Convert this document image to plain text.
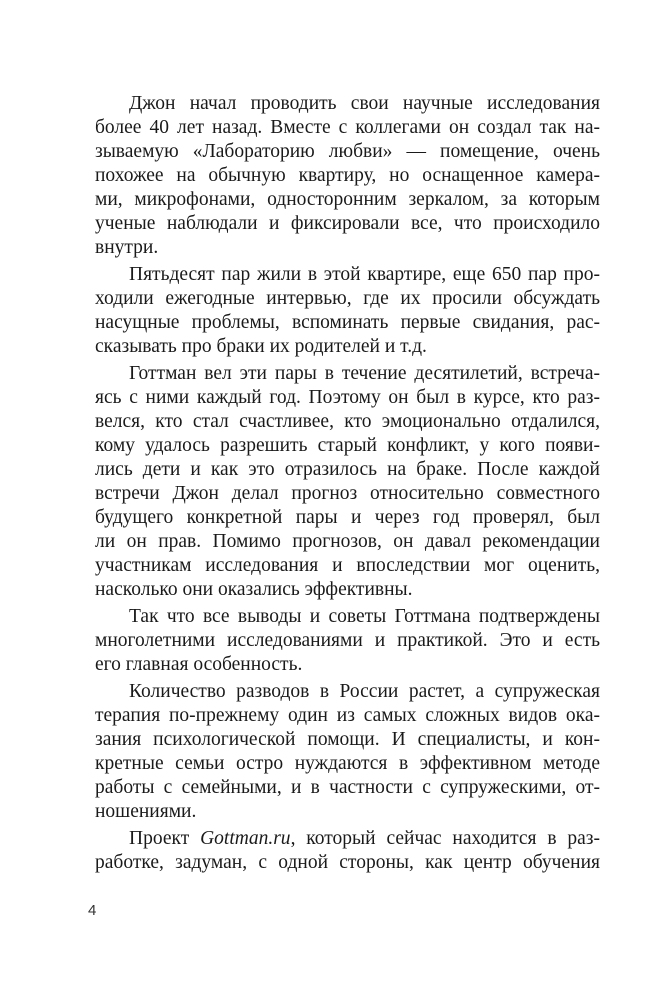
Джон начал проводить свои научные исследования

более 40 лет назад. Вместе с коллегами он создал так на-

зываемую «Лабораторию любви» — помещение, очень

похожее на обычную квартиру, но оснащенное камера-

ми, микрофонами, односторонним зеркалом, за которым

ученые наблюдали и фиксировали все, что происходило

внутри.

Пятьдесят пар жили в этой квартире, еще 650 пар про-

ходили ежегодные интервью, где их просили обсуждать

насущные проблемы, вспоминать первые свидания, рас-

сказывать про браки их родителей и т.д.

Готтман вел эти пары в течение десятилетий, встреча-

ясь с ними каждый год. Поэтому он был в курсе, кто раз-

велся, кто стал счастливее, кто эмоционально отдалился,

кому удалось разрешить старый конфликт, у кого появи-

лись дети и как это отразилось на браке. После каждой

встречи Джон делал прогноз относительно совместного

будущего конкретной пары и через год проверял, был

ли он прав. Помимо прогнозов, он давал рекомендации

участникам исследования и впоследствии мог оценить,

насколько они оказались эффективны.

Так что все выводы и советы Готтмана подтверждены

многолетними исследованиями и практикой. Это и есть

его главная особенность.

Количество разводов в России растет, а супружеская

терапия по-прежнему один из самых сложных видов ока-

зания психологической помощи. И специалисты, и кон-

кретные семьи остро нуждаются в эффективном методе

работы с семейными, и в частности с супружескими, от-

ношениями.

Проект Gottman.ru, который сейчас находится в раз-

работке, задуман, с одной стороны, как центр обучения

4
